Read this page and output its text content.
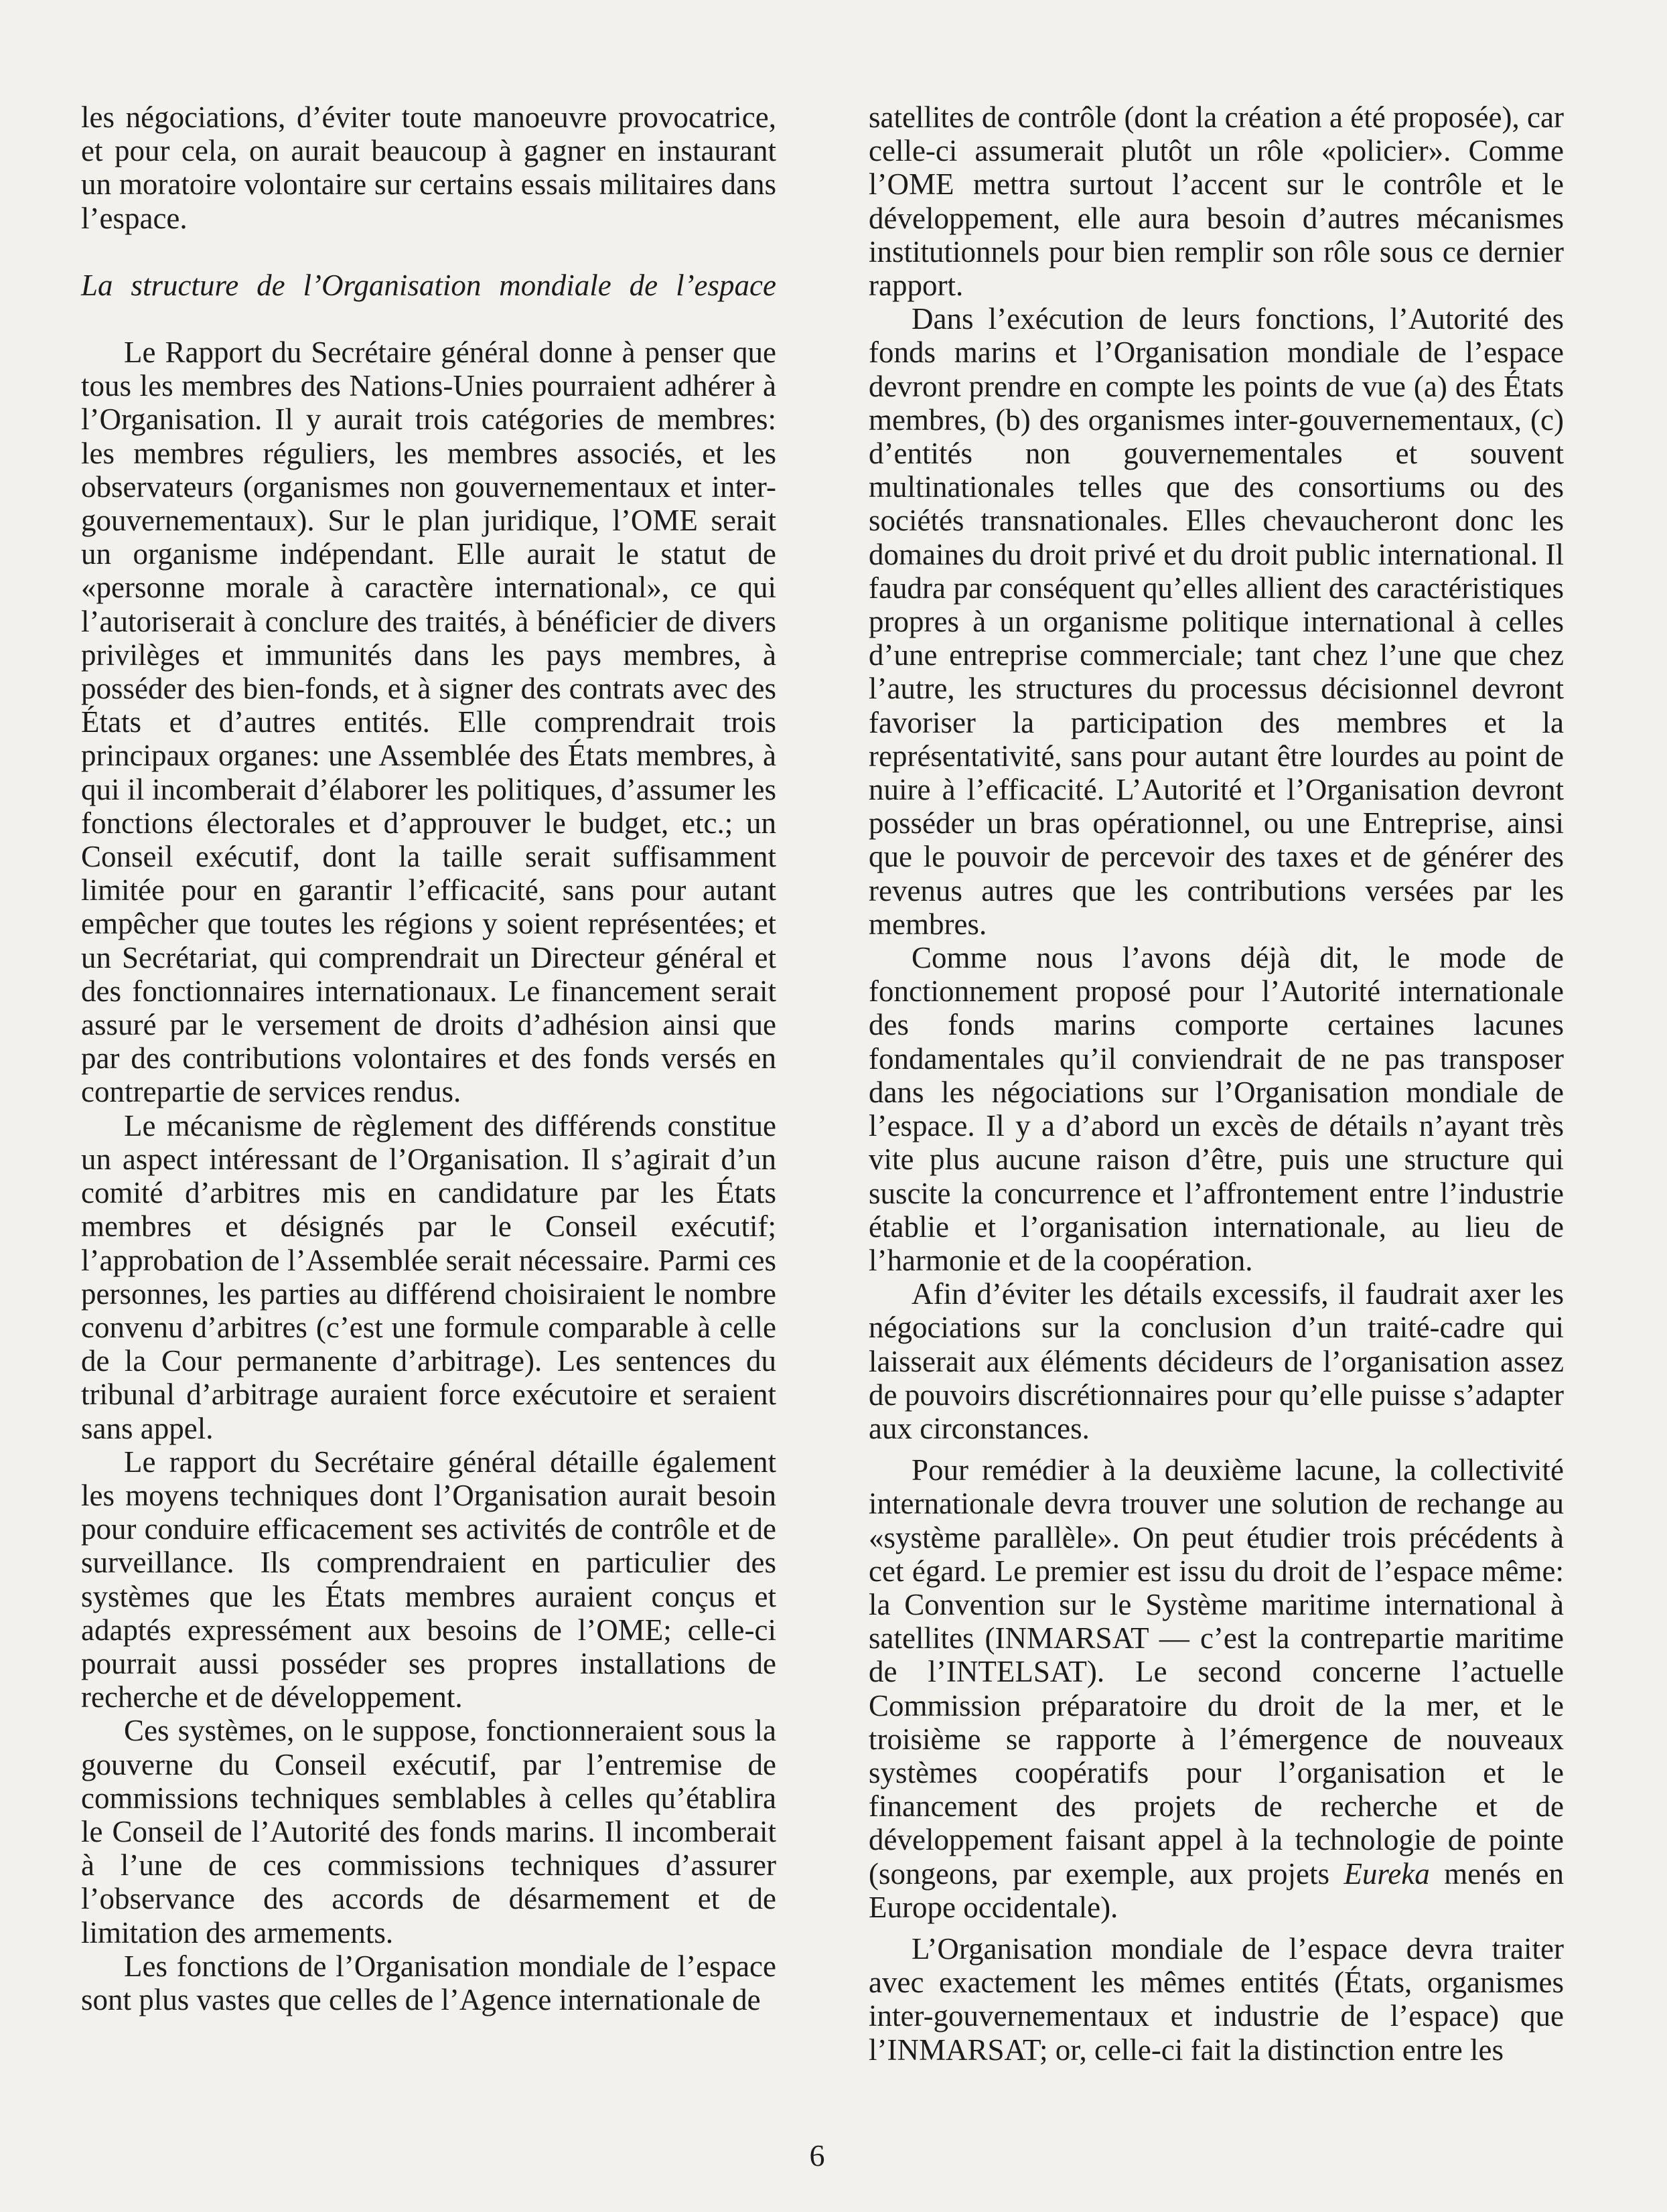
les négociations, d’éviter toute manoeuvre provocatrice, et pour cela, on aurait beaucoup à gagner en instaurant un moratoire volontaire sur certains essais militaires dans l’espace.

La structure de l’Organisation mondiale de l’espace

Le Rapport du Secrétaire général donne à penser que tous les membres des Nations-Unies pourraient adhérer à l’Organisation. Il y aurait trois catégories de membres: les membres réguliers, les membres associés, et les observateurs (organismes non gouvernementaux et inter-gouvernementaux). Sur le plan juridique, l’OME serait un organisme indépendant. Elle aurait le statut de «personne morale à caractère international», ce qui l’autoriserait à conclure des traités, à bénéficier de divers privilèges et immunités dans les pays membres, à posséder des bien-fonds, et à signer des contrats avec des États et d’autres entités. Elle comprendrait trois principaux organes: une Assemblée des États membres, à qui il incomberait d’élaborer les politiques, d’assumer les fonctions électorales et d’approuver le budget, etc.; un Conseil exécutif, dont la taille serait suffisamment limitée pour en garantir l’efficacité, sans pour autant empêcher que toutes les régions y soient représentées; et un Secrétariat, qui comprendrait un Directeur général et des fonctionnaires internationaux. Le financement serait assuré par le versement de droits d’adhésion ainsi que par des contributions volontaires et des fonds versés en contrepartie de services rendus.

Le mécanisme de règlement des différends constitue un aspect intéressant de l’Organisation. Il s’agirait d’un comité d’arbitres mis en candidature par les États membres et désignés par le Conseil exécutif; l’approbation de l’Assemblée serait nécessaire. Parmi ces personnes, les parties au différend choisiraient le nombre convenu d’arbitres (c’est une formule comparable à celle de la Cour permanente d’arbitrage). Les sentences du tribunal d’arbitrage auraient force exécutoire et seraient sans appel.

Le rapport du Secrétaire général détaille également les moyens techniques dont l’Organisation aurait besoin pour conduire efficacement ses activités de contrôle et de surveillance. Ils comprendraient en particulier des systèmes que les États membres auraient conçus et adaptés expressément aux besoins de l’OME; celle-ci pourrait aussi posséder ses propres installations de recherche et de développement.

Ces systèmes, on le suppose, fonctionneraient sous la gouverne du Conseil exécutif, par l’entremise de commissions techniques semblables à celles qu’établira le Conseil de l’Autorité des fonds marins. Il incomberait à l’une de ces commissions techniques d’assurer l’observance des accords de désarmement et de limitation des armements.

Les fonctions de l’Organisation mondiale de l’espace sont plus vastes que celles de l’Agence internationale de

satellites de contrôle (dont la création a été proposée), car celle-ci assumerait plutôt un rôle «policier». Comme l’OME mettra surtout l’accent sur le contrôle et le développement, elle aura besoin d’autres mécanismes institutionnels pour bien remplir son rôle sous ce dernier rapport.

Dans l’exécution de leurs fonctions, l’Autorité des fonds marins et l’Organisation mondiale de l’espace devront prendre en compte les points de vue (a) des États membres, (b) des organismes inter-gouvernementaux, (c) d’entités non gouvernementales et souvent multinationales telles que des consortiums ou des sociétés transnationales. Elles chevaucheront donc les domaines du droit privé et du droit public international. Il faudra par conséquent qu’elles allient des caractéristiques propres à un organisme politique international à celles d’une entreprise commerciale; tant chez l’une que chez l’autre, les structures du processus décisionnel devront favoriser la participation des membres et la représentativité, sans pour autant être lourdes au point de nuire à l’efficacité. L’Autorité et l’Organisation devront posséder un bras opérationnel, ou une Entreprise, ainsi que le pouvoir de percevoir des taxes et de générer des revenus autres que les contributions versées par les membres.

Comme nous l’avons déjà dit, le mode de fonctionnement proposé pour l’Autorité internationale des fonds marins comporte certaines lacunes fondamentales qu’il conviendrait de ne pas transposer dans les négociations sur l’Organisation mondiale de l’espace. Il y a d’abord un excès de détails n’ayant très vite plus aucune raison d’être, puis une structure qui suscite la concurrence et l’affrontement entre l’industrie établie et l’organisation internationale, au lieu de l’harmonie et de la coopération.

Afin d’éviter les détails excessifs, il faudrait axer les négociations sur la conclusion d’un traité-cadre qui laisserait aux éléments décideurs de l’organisation assez de pouvoirs discrétionnaires pour qu’elle puisse s’adapter aux circonstances.

Pour remédier à la deuxième lacune, la collectivité internationale devra trouver une solution de rechange au «système parallèle». On peut étudier trois précédents à cet égard. Le premier est issu du droit de l’espace même: la Convention sur le Système maritime international à satellites (INMARSAT — c’est la contrepartie maritime de l’INTELSAT). Le second concerne l’actuelle Commission préparatoire du droit de la mer, et le troisième se rapporte à l’émergence de nouveaux systèmes coopératifs pour l’organisation et le financement des projets de recherche et de développement faisant appel à la technologie de pointe (songeons, par exemple, aux projets Eureka menés en Europe occidentale).

L’Organisation mondiale de l’espace devra traiter avec exactement les mêmes entités (États, organismes inter-gouvernementaux et industrie de l’espace) que l’INMARSAT; or, celle-ci fait la distinction entre les

6
